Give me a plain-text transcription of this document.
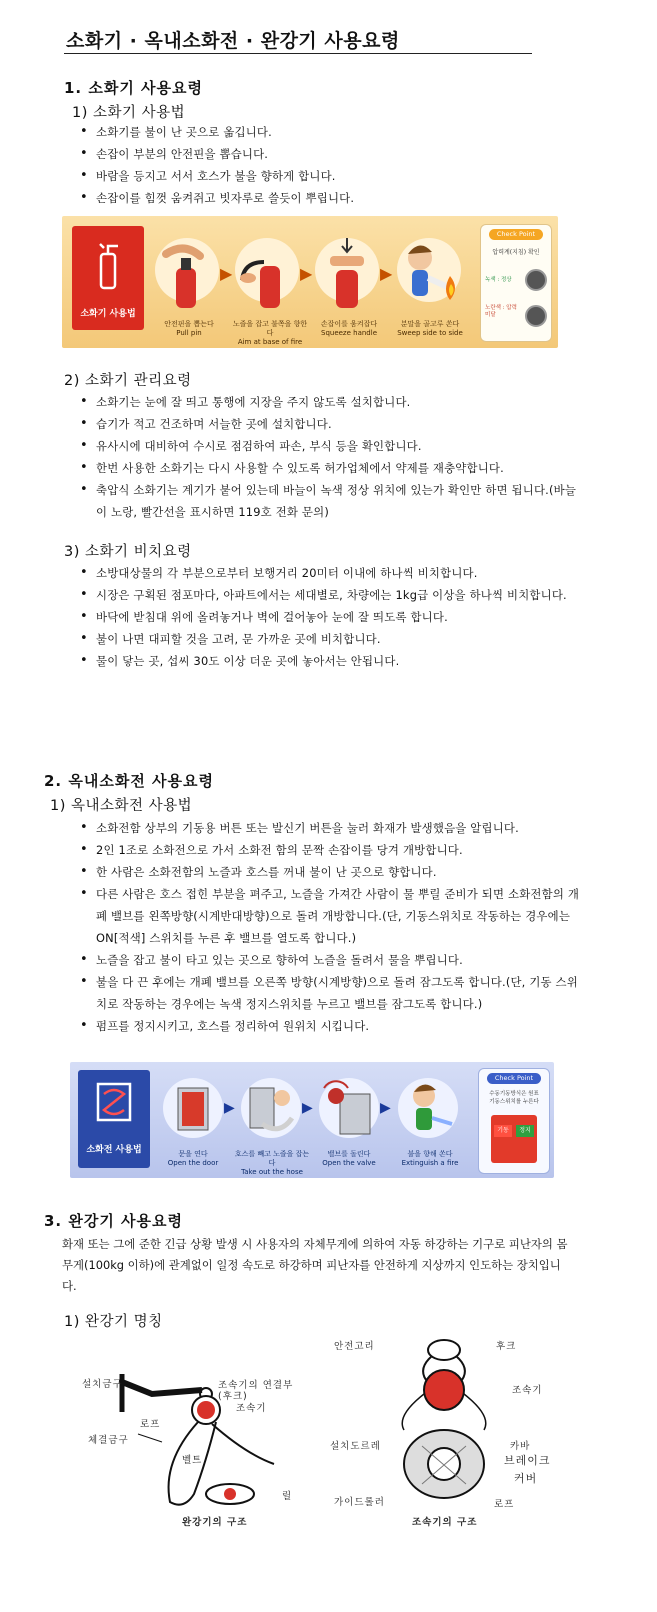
소화기 · 옥내소화전 · 완강기 사용요령
1. 소화기 사용요령
1) 소화기 사용법
• 소화기를 불이 난 곳으로 옮깁니다.
• 손잡이 부분의 안전핀을 뽑습니다.
• 바람을 등지고 서서 호스가 불을 향하게 합니다.
• 손잡이를 힘껏 움켜쥐고 빗자루로 쓸듯이 뿌립니다.
소화기 사용법
▶	▶	▶
안전핀을 뽑는다
Pull pin
노즐을 잡고 불쪽을 향한다
Aim at base of fire
손잡이를 움켜잡다
Squeeze handle
분말을 골고루 쏜다
Sweep side to side
Check Point
압력계(지침) 확인
녹색 : 정상
노란색 : 압력미달
2) 소화기 관리요령
• 소화기는 눈에 잘 띄고 통행에 지장을 주지 않도록 설치합니다.
• 습기가 적고 건조하며 서늘한 곳에 설치합니다.
• 유사시에 대비하여 수시로 점검하여 파손, 부식 등을 확인합니다.
• 한번 사용한 소화기는 다시 사용할 수 있도록 허가업체에서 약제를 재충약합니다.
• 축압식 소화기는 계기가 붙어 있는데 바늘이 녹색 정상 위치에 있는가 확인만 하면 됩니다.(바늘이 노랑, 빨간선을 표시하면 119호 전화 문의)
3) 소화기 비치요령
• 소방대상물의 각 부분으로부터 보행거리 20미터 이내에 하나씩 비치합니다.
• 시장은 구획된 점포마다, 아파트에서는 세대별로, 차량에는 1kg급 이상을 하나씩 비치합니다.
• 바닥에 받침대 위에 올려놓거나 벽에 걸어놓아 눈에 잘 띄도록 합니다.
• 불이 나면 대피할 것을 고려, 문 가까운 곳에 비치합니다.
• 물이 닿는 곳, 섭씨 30도 이상 더운 곳에 놓아서는 안됩니다.
2. 옥내소화전 사용요령
1) 옥내소화전 사용법
• 소화전함 상부의 기동용 버튼 또는 발신기 버튼을 눌러 화재가 발생했음을 알립니다.
• 2인 1조로 소화전으로 가서 소화전 함의 문짝 손잡이를 당겨 개방합니다.
• 한 사람은 소화전함의 노즐과 호스를 꺼내 불이 난 곳으로 향합니다.
• 다른 사람은 호스 접힌 부분을 펴주고, 노즐을 가져간 사람이 물 뿌릴 준비가 되면 소화전함의 개폐 밸브를 왼쪽방향(시계반대방향)으로 돌려 개방합니다.(단, 기동스위치로 작동하는 경우에는 ON[적색] 스위치를 누른 후 밸브를 열도록 합니다.)
• 노즐을 잡고 불이 타고 있는 곳으로 향하여 노즐을 돌려서 물을 뿌립니다.
• 불을 다 끈 후에는 개폐 밸브를 오른쪽 방향(시계방향)으로 돌려 잠그도록 합니다.(단, 기동 스위치로 작동하는 경우에는 녹색 정지스위치를 누르고 밸브를 잠그도록 합니다.)
• 펌프를 정지시키고, 호스를 정리하여 원위치 시킵니다.
소화전 사용법
▶	▶	▶
문을 연다
Open the door
호스를 빼고 노즐을 잡는다
Take out the hose
밸브를 돌린다
Open the valve
불을 향해 쏜다
Extinguish a fire
Check Point
수동기동방식은 원표
기동스위치를 누른다
기동	정지
3. 완강기 사용요령
화재 또는 그에 준한 긴급 상황 발생 시 사용자의 자체무게에 의하여 자동 하강하는 기구로 피난자의 몸무게(100kg 이하)에 관계없이 일정 속도로 하강하며 피난자를 안전하게 지상까지 인도하는 장치입니다.
1) 완강기 명칭
설치금구	조속기의 연결부(후크)
조속기
로프
체결금구
벨트
릴
완강기의 구조
안전고리	후크
조속기
설치도르레	카바
브레이크
커버
가이드롤러	로프
조속기의 구조
